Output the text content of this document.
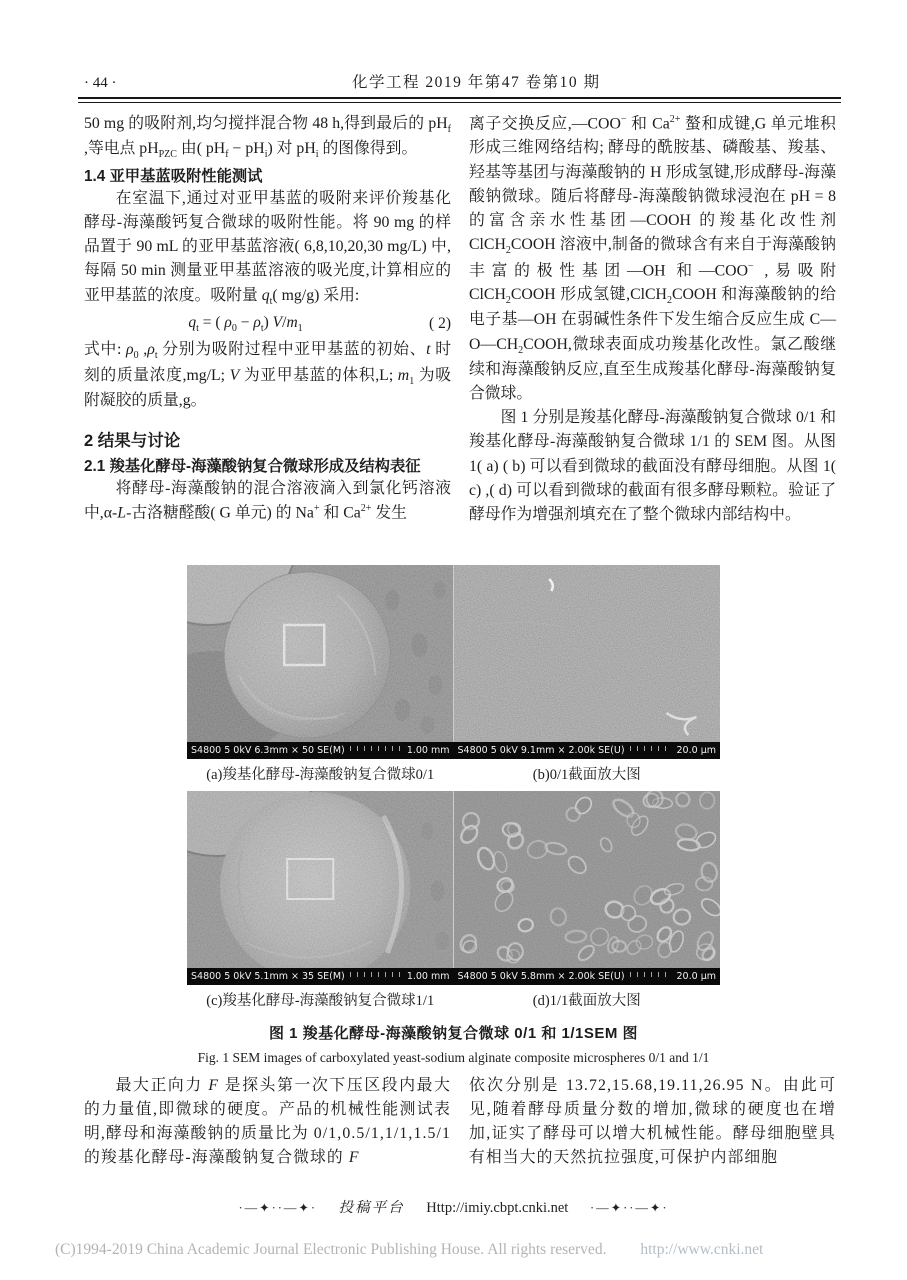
· 44 ·	化学工程 2019 年第47 卷第10 期

50 mg 的吸附剂,均匀搅拌混合物 48 h,得到最后的 $pH_f$ ,等电点 $pH_{PZC}$ 由( $pH_f - pH_i$) 对 $pH_i$ 的图像得到。

1.4 亚甲基蓝吸附性能测试

在室温下,通过对亚甲基蓝的吸附来评价羧基化酵母-海藻酸钙复合微球的吸附性能。将 90 mg 的样品置于 90 mL 的亚甲基蓝溶液( 6,8,10,20,30 mg/L) 中,每隔 50 min 测量亚甲基蓝溶液的吸光度,计算相应的亚甲基蓝的浓度。吸附量 $q_t$( mg/g) 采用:

$q_t$ = ( $\rho_0 - \rho_t$) $V/m_1$	( 2)

式中: $\rho_0$ $,\rho_t$ 分别为吸附过程中亚甲基蓝的初始、t 时刻的质量浓度,mg/L; V 为亚甲基蓝的体积,L; $m_1$ 为吸附凝胶的质量,g。

2 结果与讨论
2.1 羧基化酵母-海藻酸钠复合微球形成及结构表征

将酵母-海藻酸钠的混合溶液滴入到氯化钙溶液中,α-L-古洛糖醛酸( G 单元) 的 Na+ 和 $Ca^{2+}$ 发生

离子交换反应,—COO− 和 $Ca^{2+}$ 螯和成键,G 单元堆积形成三维网络结构; 酵母的酰胺基、磷酸基、羧基、羟基等基团与海藻酸钠的 H 形成氢键,形成酵母-海藻酸钠微球。随后将酵母-海藻酸钠微球浸泡在 pH = 8 的富含亲水性基团—COOH 的羧基化改性剂 ClCH$_2$COOH 溶液中,制备的微球含有来自于海藻酸钠丰富的极性基团—OH 和—COO− ,易吸附 ClCH$_2$COOH 形成氢键,ClCH$_2$COOH 和海藻酸钠的给电子基—OH 在弱碱性条件下发生缩合反应生成 $C—O—CH_2COOH$,微球表面成功羧基化改性。氯乙酸继续和海藻酸钠反应,直至生成羧基化酵母-海藻酸钠复合微球。

图 1 分别是羧基化酵母-海藻酸钠复合微球 0/1 和羧基化酵母-海藻酸钠复合微球 1/1 的 SEM 图。从图 1( a) ( b) 可以看到微球的截面没有酵母细胞。从图 1( c) ,( d) 可以看到微球的截面有很多酵母颗粒。验证了酵母作为增强剂填充在了整个微球内部结构中。

S4800 5 0kV 6.3mm × 50 SE(M)	1.00 mm S4800 5 0kV 9.1mm × 2.00k SE(U)	20.0 μm
(a)羧基化酵母-海藻酸钠复合微球0/1	(b)0/1截面放大图
S4800 5 0kV 5.1mm × 35 SE(M)	1.00 mm S4800 5 0kV 5.8mm × 2.00k SE(U)	20.0 μm
(c)羧基化酵母-海藻酸钠复合微球1/1	(d)1/1截面放大图
图 1 羧基化酵母-海藻酸钠复合微球 0/1 和 1/1SEM 图
Fig. 1 SEM images of carboxylated yeast-sodium alginate composite microspheres 0/1 and 1/1

最大正向力 F 是探头第一次下压区段内最大的力量值,即微球的硬度。产品的机械性能测试表明,酵母和海藻酸钠的质量比为 0/1,0.5/1,1/1,1.5/1 的羧基化酵母-海藻酸钠复合微球的 F

依次分别是 13.72,15.68,19.11,26.95 N。由此可见,随着酵母质量分数的增加,微球的硬度也在增加,证实了酵母可以增大机械性能。酵母细胞壁具有相当大的天然抗拉强度,可保护内部细胞

·—✦··—✦· 投稿平台 Http://imiy.cbpt.cnki.net ·—✦··—✦·
(C)1994-2019 China Academic Journal Electronic Publishing House. All rights reserved. http://www.cnki.net
